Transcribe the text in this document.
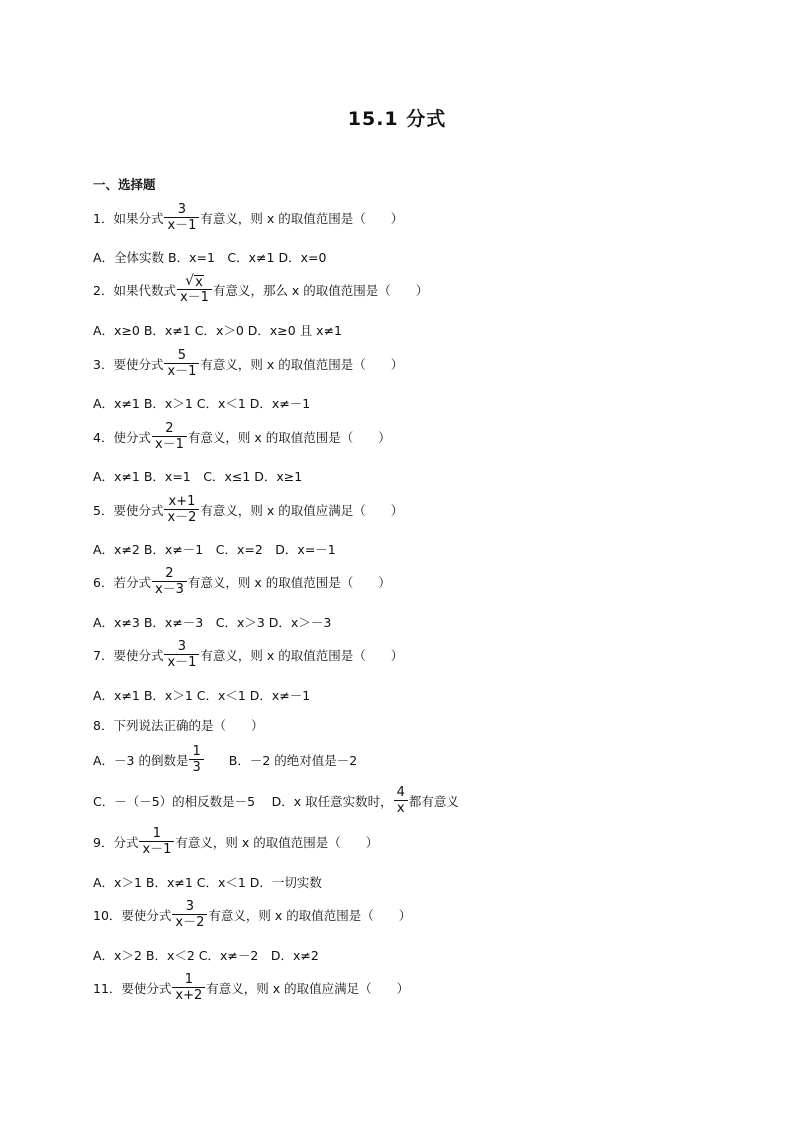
15.1 分式
一、选择题
1．如果分式 $\frac{3}{x-1}$ 有意义，则 x 的取值范围是（　　）
A．全体实数 B．x=1　C．x≠1 D．x=0
2．如果代数式 $\frac{√ x}{x-1}$ 有意义，那么 x 的取值范围是（　　）
A．x≥0 B．x≠1 C．x＞0 D．x≥0 且 x≠1
3．要使分式 $\frac{5}{x-1}$ 有意义，则 x 的取值范围是（　　）
A．x≠1 B．x＞1 C．x＜1 D．x≠－1
4．使分式 $\frac{2}{x-1}$ 有意义，则 x 的取值范围是（　　）
A．x≠1 B．x=1　C．x≤1 D．x≥1
5．要使分式 $\frac{x+1}{x-2}$ 有意义，则 x 的取值应满足（　　）
A．x≠2 B．x≠－1　C．x=2　D．x=－1
6．若分式 $\frac{2}{x-3}$ 有意义，则 x 的取值范围是（　　）
A．x≠3 B．x≠－3　C．x＞3 D．x＞－3
7．要使分式 $\frac{3}{x-1}$ 有意义，则 x 的取值范围是（　　）
A．x≠1 B．x＞1 C．x＜1 D．x≠－1
8．下列说法正确的是（　　）
A．－3 的倒数是 $\frac{1}{3}$ B．－2 的绝对值是－2
C．－（－5）的相反数是－5　 D．x 取任意实数时， $\frac{4}{x}$ 都有意义
9．分式 $\frac{1}{x-1}$ 有意义，则 x 的取值范围是（　　）
A．x＞1 B．x≠1 C．x＜1 D．一切实数
10．要使分式 $\frac{3}{x-2}$ 有意义，则 x 的取值范围是（　　）
A．x＞2 B．x＜2 C．x≠－2　D．x≠2
11．要使分式 $\frac{1}{x+2}$ 有意义，则 x 的取值应满足（　　）
